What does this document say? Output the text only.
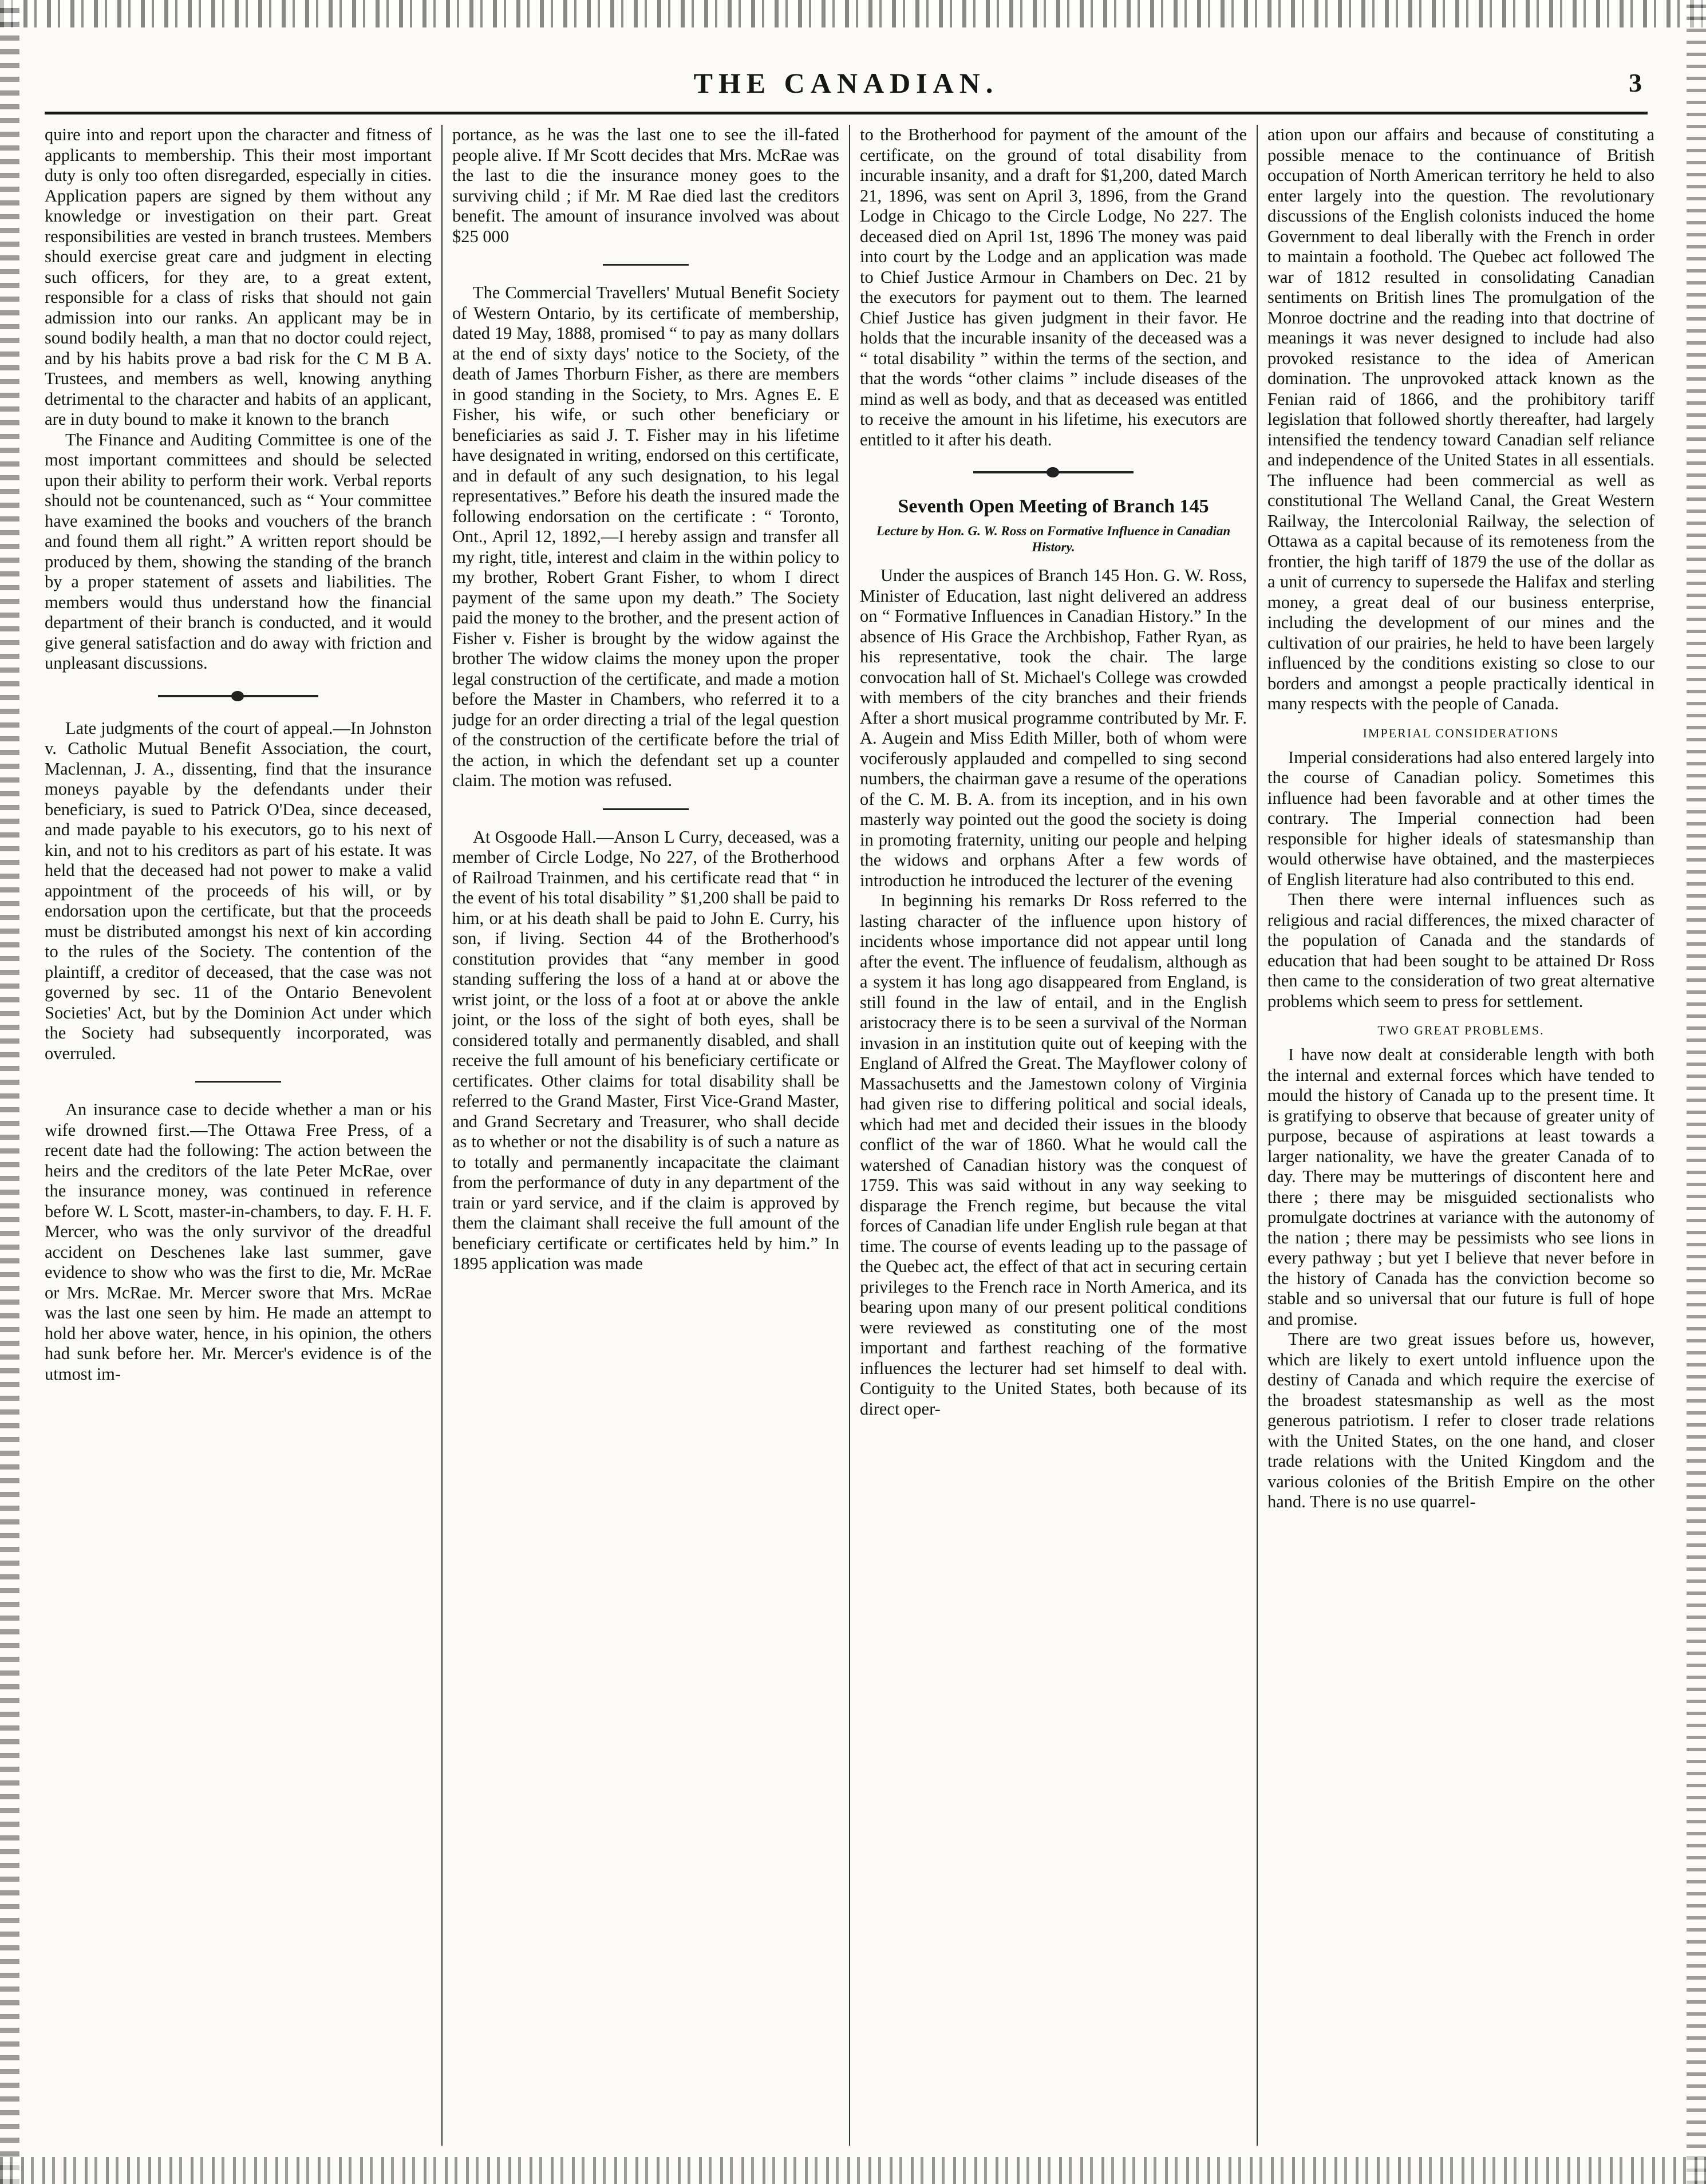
THE CANADIAN.	3

quire into and report upon the character and fitness of applicants to membership. This their most important duty is only too often disregarded, especially in cities. Application papers are signed by them without any knowledge or investigation on their part. Great responsibilities are vested in branch trustees. Members should exercise great care and judgment in electing such officers, for they are, to a great extent, responsible for a class of risks that should not gain admission into our ranks. An applicant may be in sound bodily health, a man that no doctor could reject, and by his habits prove a bad risk for the C M B A. Trustees, and members as well, knowing anything detrimental to the character and habits of an applicant, are in duty bound to make it known to the branch

The Finance and Auditing Committee is one of the most important committees and should be selected upon their ability to perform their work. Verbal reports should not be countenanced, such as “ Your committee have examined the books and vouchers of the branch and found them all right.” A written report should be produced by them, showing the standing of the branch by a proper statement of assets and liabilities. The members would thus understand how the financial department of their branch is conducted, and it would give general satisfaction and do away with friction and unpleasant discussions.

Late judgments of the court of appeal.—In Johnston v. Catholic Mutual Benefit Association, the court, Maclennan, J. A., dissenting, find that the insurance moneys payable by the defendants under their beneficiary, is sued to Patrick O'Dea, since deceased, and made payable to his executors, go to his next of kin, and not to his creditors as part of his estate. It was held that the deceased had not power to make a valid appointment of the proceeds of his will, or by endorsation upon the certificate, but that the proceeds must be distributed amongst his next of kin according to the rules of the Society. The contention of the plaintiff, a creditor of deceased, that the case was not governed by sec. 11 of the Ontario Benevolent Societies' Act, but by the Dominion Act under which the Society had subsequently incorporated, was overruled.

An insurance case to decide whether a man or his wife drowned first.—The Ottawa Free Press, of a recent date had the following: The action between the heirs and the creditors of the late Peter McRae, over the insurance money, was continued in reference before W. L Scott, master-in-chambers, to day. F. H. F. Mercer, who was the only survivor of the dreadful accident on Deschenes lake last summer, gave evidence to show who was the first to die, Mr. McRae or Mrs. McRae. Mr. Mercer swore that Mrs. McRae was the last one seen by him. He made an attempt to hold her above water, hence, in his opinion, the others had sunk before her. Mr. Mercer's evidence is of the utmost im-

portance, as he was the last one to see the ill-fated people alive. If Mr Scott decides that Mrs. McRae was the last to die the insurance money goes to the surviving child ; if Mr. M Rae died last the creditors benefit. The amount of insurance involved was about $25 000

The Commercial Travellers' Mutual Benefit Society of Western Ontario, by its certificate of membership, dated 19 May, 1888, promised “ to pay as many dollars at the end of sixty days' notice to the Society, of the death of James Thorburn Fisher, as there are members in good standing in the Society, to Mrs. Agnes E. E Fisher, his wife, or such other beneficiary or beneficiaries as said J. T. Fisher may in his lifetime have designated in writing, endorsed on this certificate, and in default of any such designation, to his legal representatives.” Before his death the insured made the following endorsation on the certificate : “ Toronto, Ont., April 12, 1892,—I hereby assign and transfer all my right, title, interest and claim in the within policy to my brother, Robert Grant Fisher, to whom I direct payment of the same upon my death.” The Society paid the money to the brother, and the present action of Fisher v. Fisher is brought by the widow against the brother The widow claims the money upon the proper legal construction of the certificate, and made a motion before the Master in Chambers, who referred it to a judge for an order directing a trial of the legal question of the construction of the certificate before the trial of the action, in which the defendant set up a counter claim. The motion was refused.

At Osgoode Hall.—Anson L Curry, deceased, was a member of Circle Lodge, No 227, of the Brotherhood of Railroad Trainmen, and his certificate read that “ in the event of his total disability ” $1,200 shall be paid to him, or at his death shall be paid to John E. Curry, his son, if living. Section 44 of the Brotherhood's constitution provides that “any member in good standing suffering the loss of a hand at or above the wrist joint, or the loss of a foot at or above the ankle joint, or the loss of the sight of both eyes, shall be considered totally and permanently disabled, and shall receive the full amount of his beneficiary certificate or certificates. Other claims for total disability shall be referred to the Grand Master, First Vice-Grand Master, and Grand Secretary and Treasurer, who shall decide as to whether or not the disability is of such a nature as to totally and permanently incapacitate the claimant from the performance of duty in any department of the train or yard service, and if the claim is approved by them the claimant shall receive the full amount of the beneficiary certificate or certificates held by him.” In 1895 application was made

to the Brotherhood for payment of the amount of the certificate, on the ground of total disability from incurable insanity, and a draft for $1,200, dated March 21, 1896, was sent on April 3, 1896, from the Grand Lodge in Chicago to the Circle Lodge, No 227. The deceased died on April 1st, 1896 The money was paid into court by the Lodge and an application was made to Chief Justice Armour in Chambers on Dec. 21 by the executors for payment out to them. The learned Chief Justice has given judgment in their favor. He holds that the incurable insanity of the deceased was a “ total disability ” within the terms of the section, and that the words “other claims ” include diseases of the mind as well as body, and that as deceased was entitled to receive the amount in his lifetime, his executors are entitled to it after his death.

Seventh Open Meeting of Branch 145
Lecture by Hon. G. W. Ross on Formative Influence in Canadian History.

Under the auspices of Branch 145 Hon. G. W. Ross, Minister of Education, last night delivered an address on “ Formative Influences in Canadian History.” In the absence of His Grace the Archbishop, Father Ryan, as his representative, took the chair. The large convocation hall of St. Michael's College was crowded with members of the city branches and their friends After a short musical programme contributed by Mr. F. A. Augein and Miss Edith Miller, both of whom were vociferously applauded and compelled to sing second numbers, the chairman gave a resume of the operations of the C. M. B. A. from its inception, and in his own masterly way pointed out the good the society is doing in promoting fraternity, uniting our people and helping the widows and orphans After a few words of introduction he introduced the lecturer of the evening

In beginning his remarks Dr Ross referred to the lasting character of the influence upon history of incidents whose importance did not appear until long after the event. The influence of feudalism, although as a system it has long ago disappeared from England, is still found in the law of entail, and in the English aristocracy there is to be seen a survival of the Norman invasion in an institution quite out of keeping with the England of Alfred the Great. The Mayflower colony of Massachusetts and the Jamestown colony of Virginia had given rise to differing political and social ideals, which had met and decided their issues in the bloody conflict of the war of 1860. What he would call the watershed of Canadian history was the conquest of 1759. This was said without in any way seeking to disparage the French regime, but because the vital forces of Canadian life under English rule began at that time. The course of events leading up to the passage of the Quebec act, the effect of that act in securing certain privileges to the French race in North America, and its bearing upon many of our present political conditions were reviewed as constituting one of the most important and farthest reaching of the formative influences the lecturer had set himself to deal with. Contiguity to the United States, both because of its direct oper-

ation upon our affairs and because of constituting a possible menace to the continuance of British occupation of North American territory he held to also enter largely into the question. The revolutionary discussions of the English colonists induced the home Government to deal liberally with the French in order to maintain a foothold. The Quebec act followed The war of 1812 resulted in consolidating Canadian sentiments on British lines The promulgation of the Monroe doctrine and the reading into that doctrine of meanings it was never designed to include had also provoked resistance to the idea of American domination. The unprovoked attack known as the Fenian raid of 1866, and the prohibitory tariff legislation that followed shortly thereafter, had largely intensified the tendency toward Canadian self reliance and independence of the United States in all essentials. The influence had been commercial as well as constitutional The Welland Canal, the Great Western Railway, the Intercolonial Railway, the selection of Ottawa as a capital because of its remoteness from the frontier, the high tariff of 1879 the use of the dollar as a unit of currency to supersede the Halifax and sterling money, a great deal of our business enterprise, including the development of our mines and the cultivation of our prairies, he held to have been largely influenced by the conditions existing so close to our borders and amongst a people practically identical in many respects with the people of Canada.

IMPERIAL CONSIDERATIONS

Imperial considerations had also entered largely into the course of Canadian policy. Sometimes this influence had been favorable and at other times the contrary. The Imperial connection had been responsible for higher ideals of statesmanship than would otherwise have obtained, and the masterpieces of English literature had also contributed to this end.

Then there were internal influences such as religious and racial differences, the mixed character of the population of Canada and the standards of education that had been sought to be attained Dr Ross then came to the consideration of two great alternative problems which seem to press for settlement.

TWO GREAT PROBLEMS.

I have now dealt at considerable length with both the internal and external forces which have tended to mould the history of Canada up to the present time. It is gratifying to observe that because of greater unity of purpose, because of aspirations at least towards a larger nationality, we have the greater Canada of to day. There may be mutterings of discontent here and there ; there may be misguided sectionalists who promulgate doctrines at variance with the autonomy of the nation ; there may be pessimists who see lions in every pathway ; but yet I believe that never before in the history of Canada has the conviction become so stable and so universal that our future is full of hope and promise.

There are two great issues before us, however, which are likely to exert untold influence upon the destiny of Canada and which require the exercise of the broadest statesmanship as well as the most generous patriotism. I refer to closer trade relations with the United States, on the one hand, and closer trade relations with the United Kingdom and the various colonies of the British Empire on the other hand. There is no use quarrel-
